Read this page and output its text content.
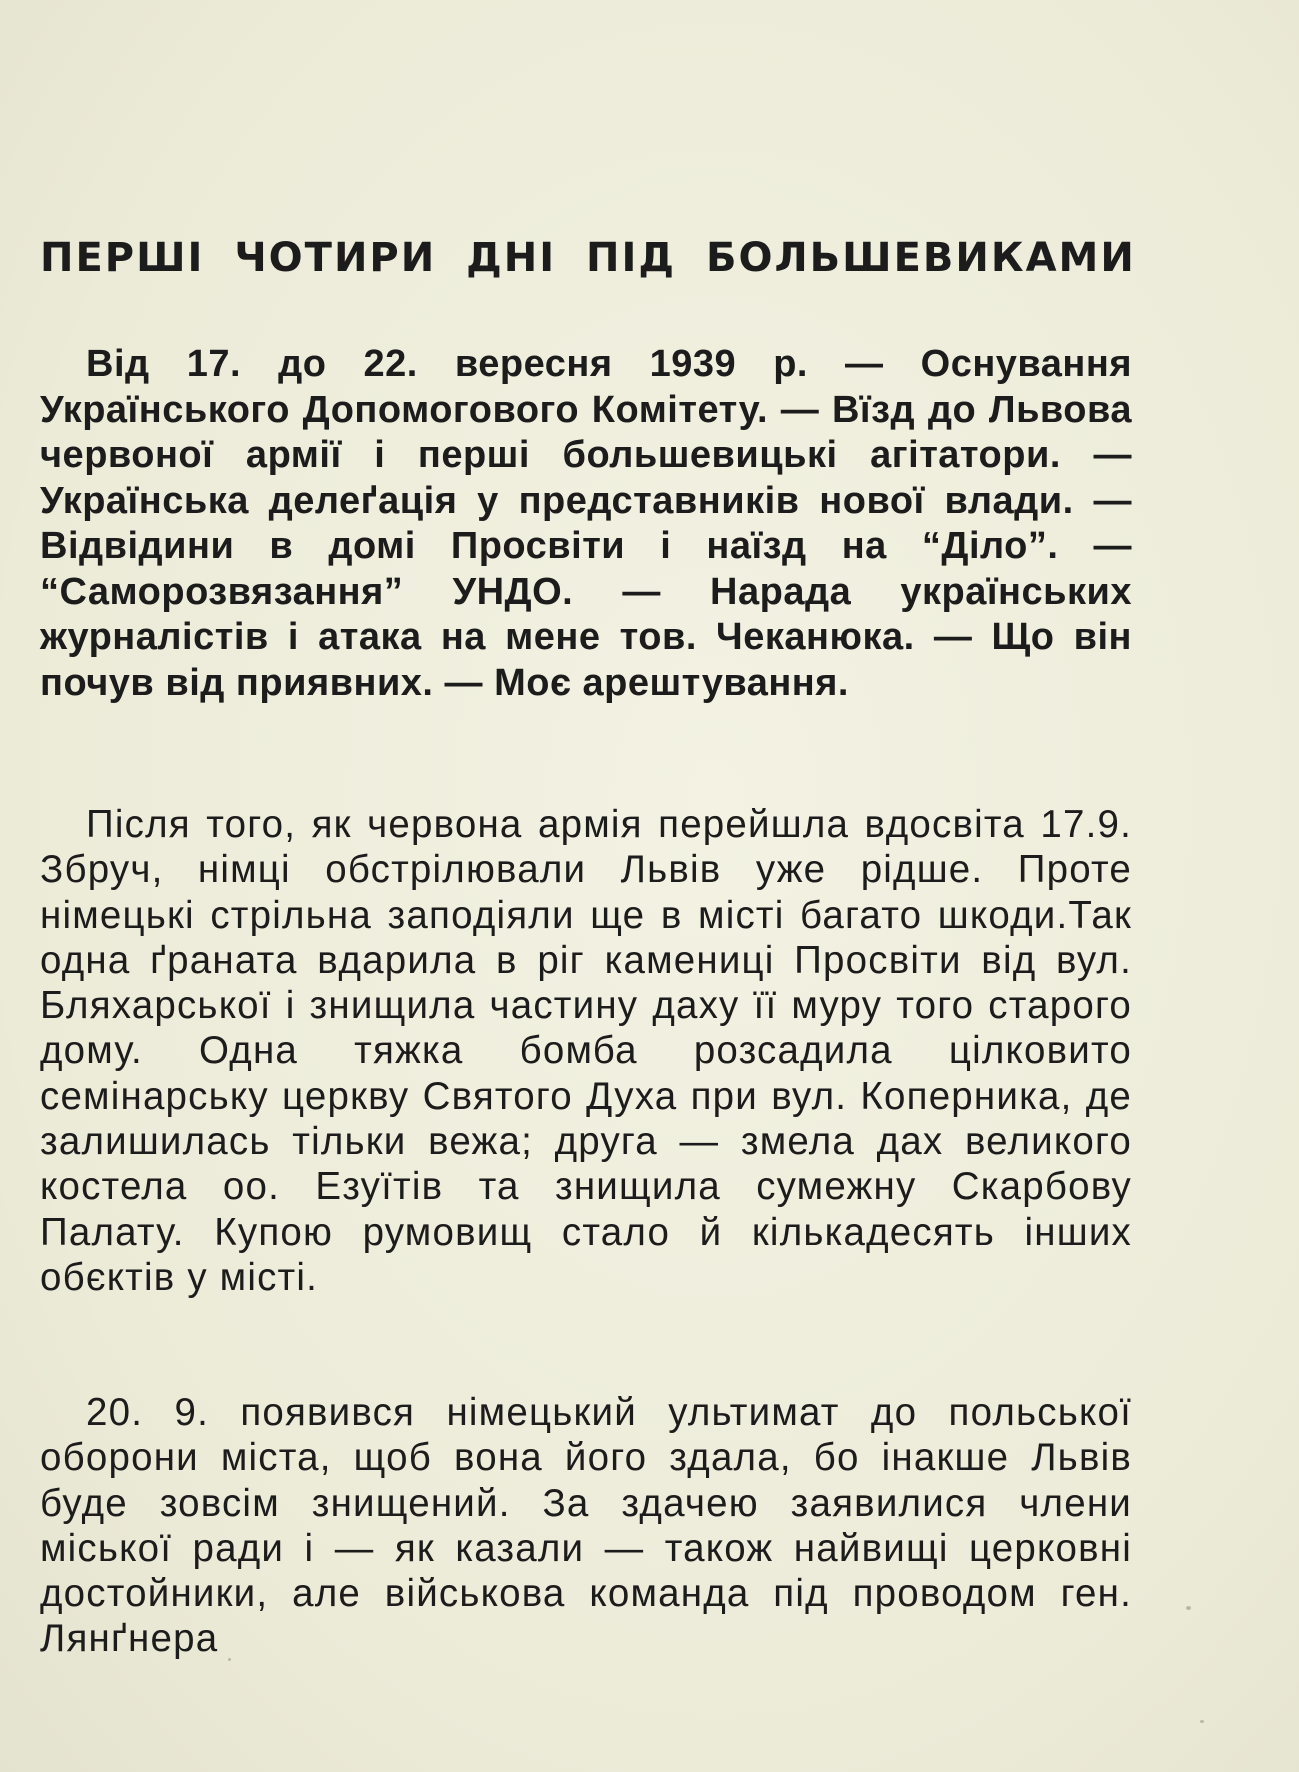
ПЕРШІ ЧОТИРИ ДНІ ПІД БОЛЬШЕВИКАМИ

Від 17. до 22. вересня 1939 р. — Оснування Українського Допомогового Комітету. — Вїзд до Львова червоної армії і перші большевицькі агітатори. — Українська делеґація у представників нової влади. — Відвідини в домі Просвіти і наїзд на “Діло”. — “Саморозвязання” УНДО. — Нарада українських журналістів і атака на мене тов. Чеканюка. — Що він почув від приявних. — Моє арештування.

Після того, як червона армія перейшла вдосвіта 17.9. Збруч, німці обстрілювали Львів уже рідше. Проте німецькі стрільна заподіяли ще в місті багато шкоди.Так одна ґраната вдарила в ріг камениці Просвіти від вул. Бляхарської і знищила частину даху її муру того старого дому. Одна тяжка бомба розсадила цілковито семінарську церкву Святого Духа при вул. Коперника, де залишилась тільки вежа; друга — змела дах великого костела оо. Езуїтів та знищила сумежну Скарбову Палату. Купою румовищ стало й кількадесять інших обєктів у місті.

20. 9. появився німецький ультимат до польської оборони міста, щоб вона його здала, бо інакше Львів буде зовсім знищений. За здачею заявилися члени міської ради і — як казали — також найвищі церковні достойники, але військова команда під проводом ген. Лянґнера
